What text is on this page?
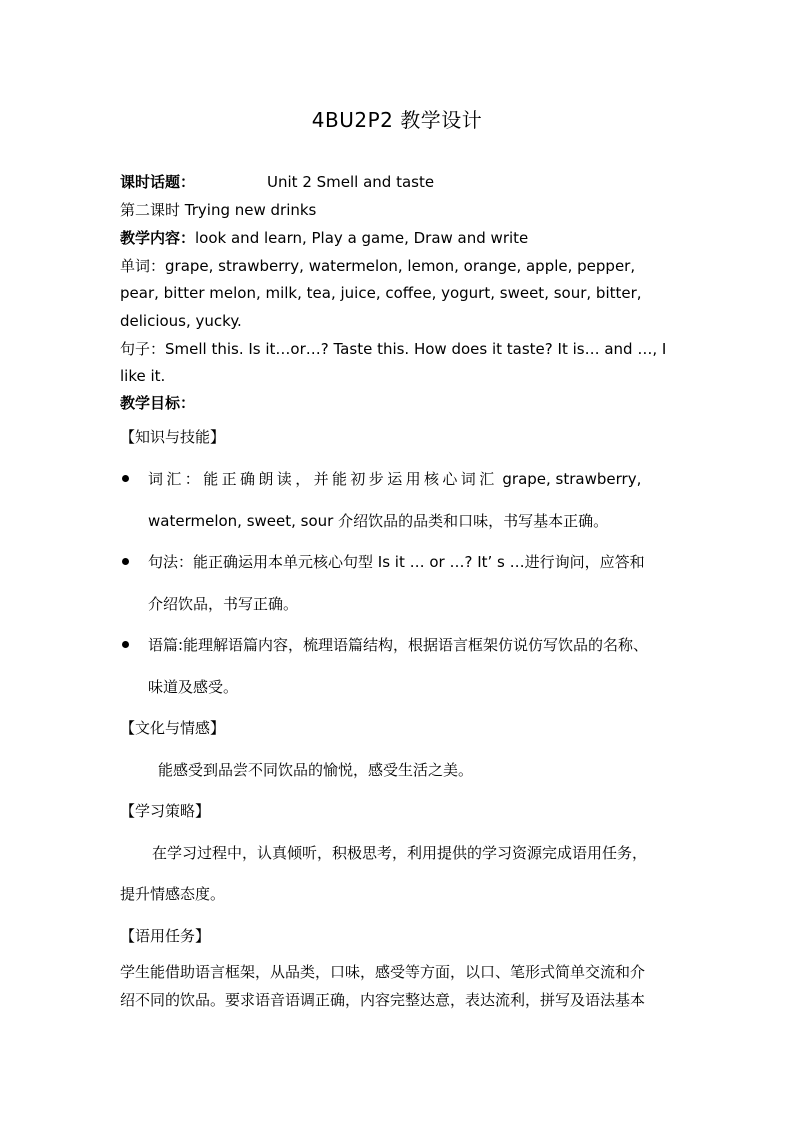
4BU2P2 教学设计
课时话题：	Unit 2 Smell and taste
第二课时 Trying new drinks
教学内容：look and learn, Play a game, Draw and write
单词：grape, strawberry, watermelon, lemon, orange, apple, pepper,
pear, bitter melon, milk, tea, juice, coffee, yogurt, sweet, sour, bitter,
delicious, yucky.
句子：Smell this. Is it…or…? Taste this. How does it taste? It is… and …, I
like it.
教学目标：
【知识与技能】
词汇：能正确朗读，并能初步运用核心词汇 grape, strawberry,
watermelon, sweet, sour 介绍饮品的品类和口味，书写基本正确。
句法：能正确运用本单元核心句型 Is it … or …? It’ s …进行询问，应答和
介绍饮品，书写正确。
语篇:能理解语篇内容，梳理语篇结构，根据语言框架仿说仿写饮品的名称、
味道及感受。
【文化与情感】
能感受到品尝不同饮品的愉悦，感受生活之美。
【学习策略】
在学习过程中，认真倾听，积极思考，利用提供的学习资源完成语用任务，
提升情感态度。
【语用任务】
学生能借助语言框架，从品类，口味，感受等方面，以口、笔形式简单交流和介
绍不同的饮品。要求语音语调正确，内容完整达意，表达流利，拼写及语法基本
